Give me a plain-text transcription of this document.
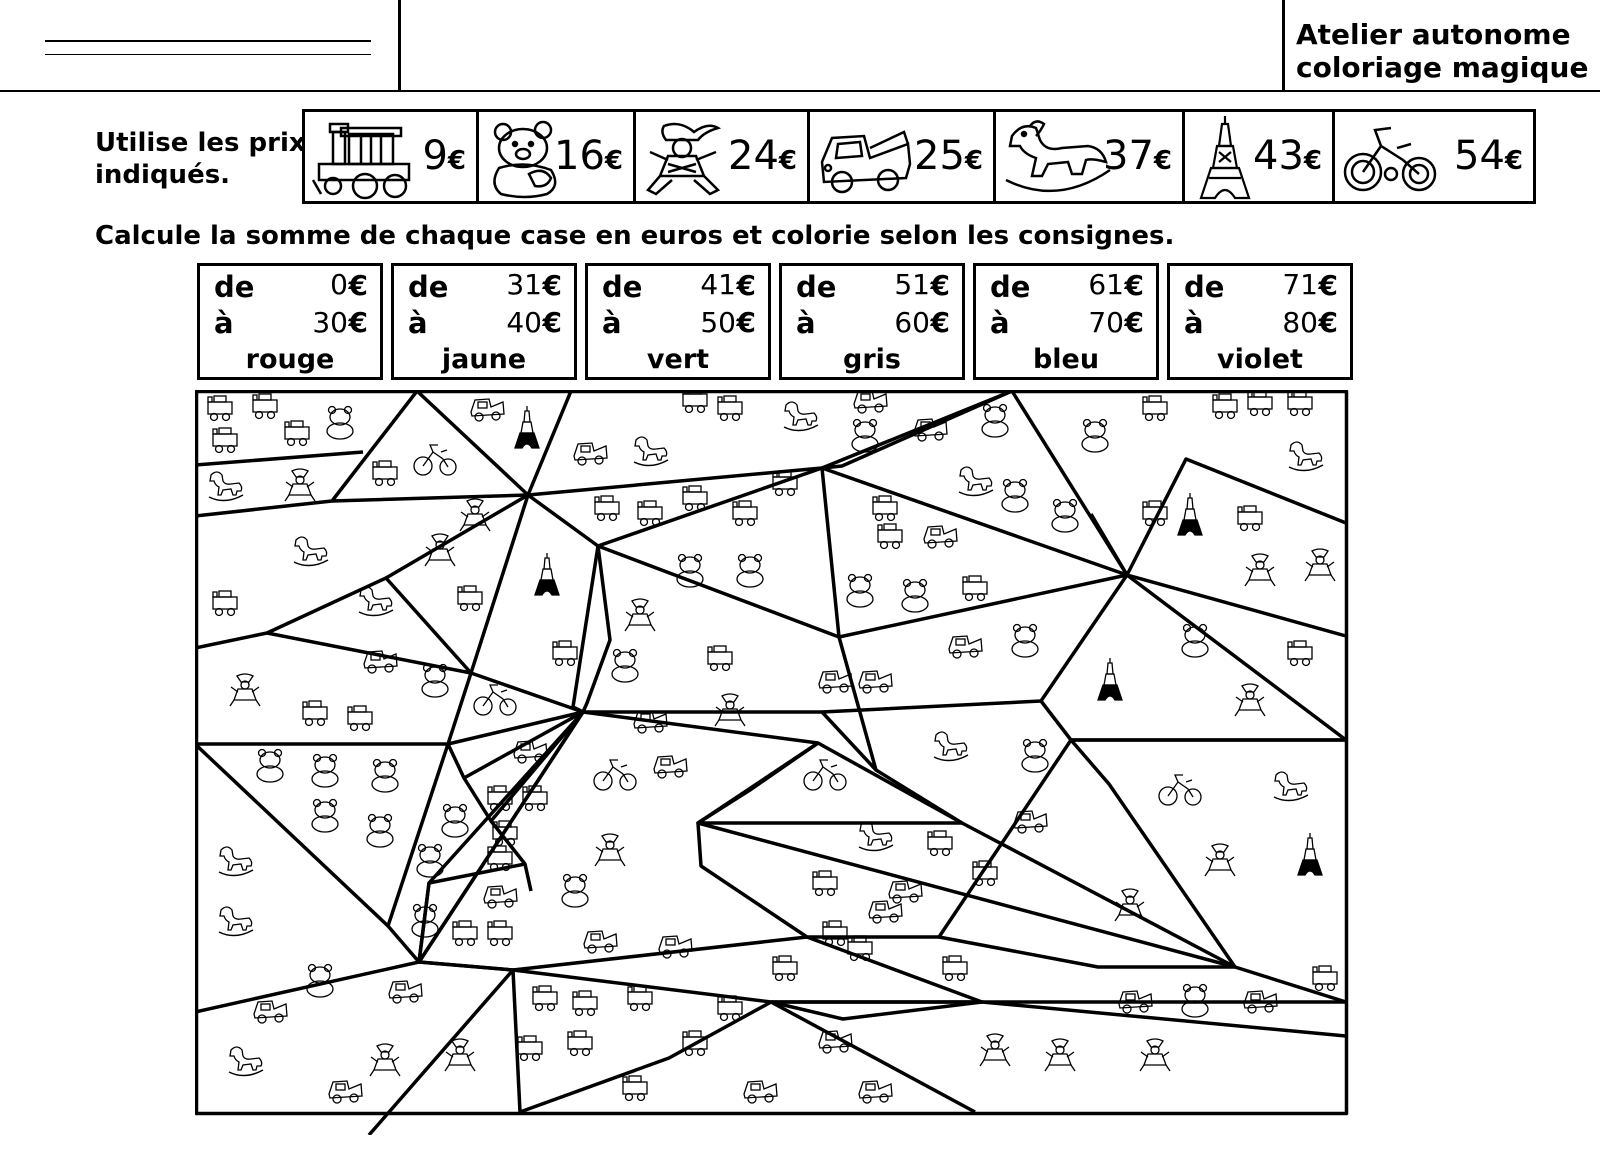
Atelier autonome
coloriage magique
Utilise les prix
indiqués.	9€ 16€	24€	25€	37€ 43€	54€
Calcule la somme de chaque case en euros et colorie selon les consignes.
de
à
0
30
€
€
rouge
de
à
31
40
€
€
jaune
de
à
41
50
€
€
vert
de
à
51
60
€
€
gris
de
à
61
70
€
€
bleu
de
à
71
80
€
€
violet
